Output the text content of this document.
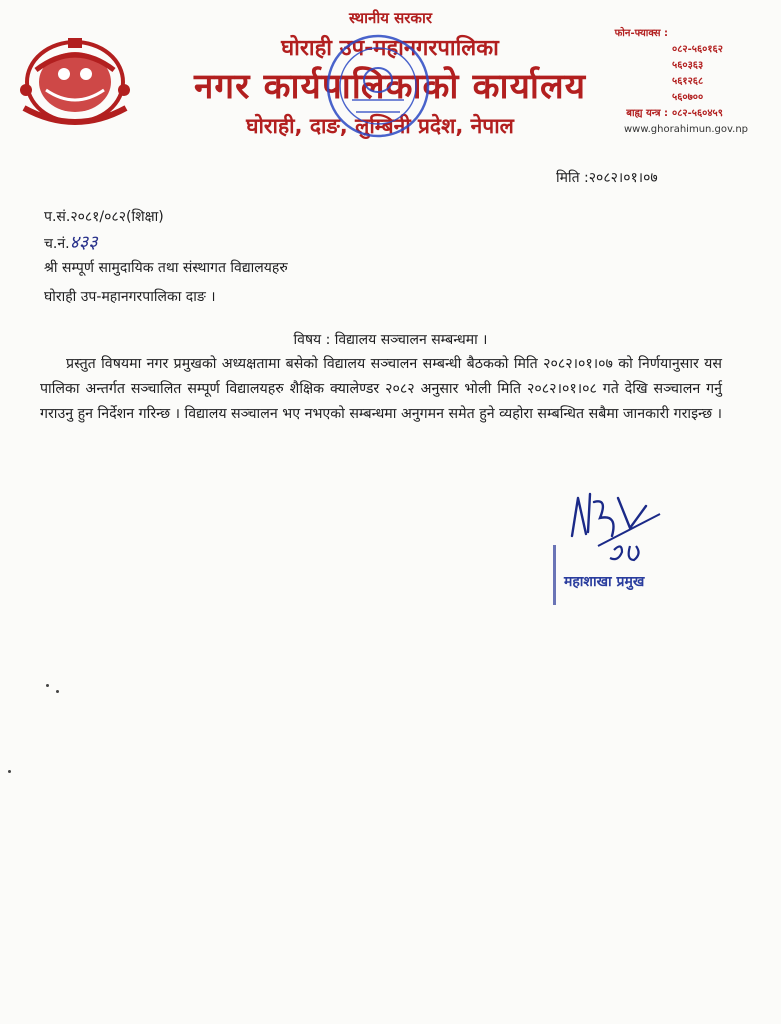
स्थानीय सरकार
घोराही उप-महानगरपालिका
नगर कार्यपालिकाको कार्यालय
घोराही, दाङ, लुम्बिनी प्रदेश, नेपाल
फोन-फ्याक्स :
०८२-५६०१६२
५६०३६३
५६१२६८
५६०७००
बाह्य यन्त्र : ०८२-५६०४५९
www.ghorahimun.gov.np
मिति :२०८२।०१।०७
प.सं.२०८१/०८२(शिक्षा)
च.नं.४३३
श्री सम्पूर्ण सामुदायिक तथा संस्थागत विद्यालयहरु
घोराही उप-महानगरपालिका दाङ ।
विषय : विद्यालय सञ्चालन सम्बन्धमा ।
प्रस्तुत विषयमा नगर प्रमुखको अध्यक्षतामा बसेको विद्यालय सञ्चालन सम्बन्धी बैठकको मिति २०८२।०१।०७ को निर्णयानुसार यस पालिका अन्तर्गत सञ्चालित सम्पूर्ण विद्यालयहरु शैक्षिक क्यालेण्डर २०८२ अनुसार भोली मिति २०८२।०१।०८ गते देखि सञ्चालन गर्नु गराउनु हुन निर्देशन गरिन्छ । विद्यालय सञ्चालन भए नभएको सम्बन्धमा अनुगमन समेत हुने व्यहोरा सम्बन्धित सबैमा जानकारी गराइन्छ ।
महाशाखा प्रमुख
